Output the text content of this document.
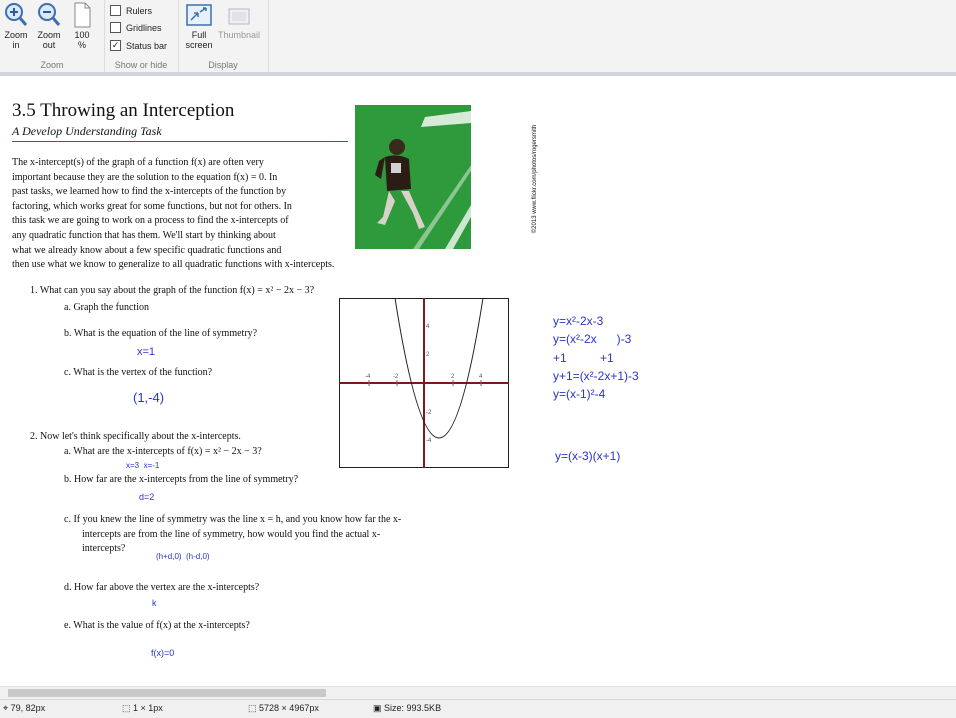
Zoom
in
Zoom
out
100
%
Zoom	Show or hide
Rulers
Gridlines
✓ Status bar
Full
screen
Thumbnail
Display
3.5 Throwing an Interception
A Develop Understanding Task	©2013 www.flickr.com/photos/rogersmith
The x-intercept(s) of the graph of a function f(x) are often very
important because they are the solution to the equation f(x) = 0. In
past tasks, we learned how to find the x-intercepts of the function by
factoring, which works great for some functions, but not for others. In
this task we are going to work on a process to find the x-intercepts of
any quadratic function that has them. We'll start by thinking about
what we already know about a few specific quadratic functions and
then use what we know to generalize to all quadratic functions with x-intercepts.
1. What can you say about the graph of the function f(x) = x² − 2x − 3?
a. Graph the function
b. What is the equation of the line of symmetry?
x=1
c. What is the vertex of the function?
(1,-4)
-4	-2	2	4
4
2
-2
-4
y=x²-2x-3
y=(x²-2x      )-3
+1          +1
y+1=(x²-2x+1)-3
y=(x-1)²-4
y=(x-3)(x+1)
2. Now let's think specifically about the x-intercepts.
a. What are the x-intercepts of f(x) = x² − 2x − 3?
x=3  x=-1
b. How far are the x-intercepts from the line of symmetry?
d=2
c. If you knew the line of symmetry was the line x = h, and you know how far the x-
intercepts are from the line of symmetry, how would you find the actual x-
intercepts?
(h+d,0)  (h-d,0)
d. How far above the vertex are the x-intercepts?
k
e. What is the value of f(x) at the x-intercepts?
f(x)=0
⌖ 79, 82px	⬚ 1 × 1px	⬚ 5728 × 4967px	▣ Size: 993.5KB
